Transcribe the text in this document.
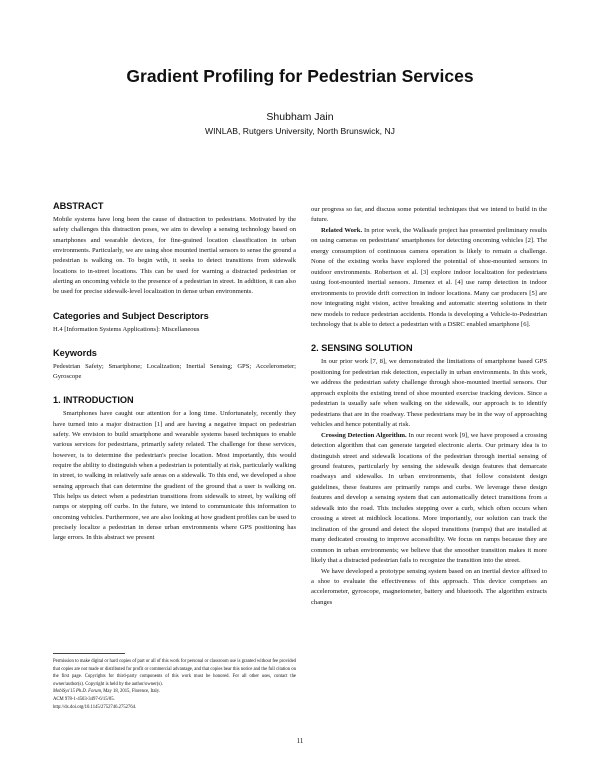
Gradient Profiling for Pedestrian Services
Shubham Jain
WINLAB, Rutgers University, North Brunswick, NJ
ABSTRACT

Mobile systems have long been the cause of distraction to pedestrians. Motivated by the safety challenges this distraction poses, we aim to develop a sensing technology based on smartphones and wearable devices, for fine-grained location classification in urban environments. Particularly, we are using shoe mounted inertial sensors to sense the ground a pedestrian is walking on. To begin with, it seeks to detect transitions from sidewalk locations to in-street locations. This can be used for warning a distracted pedestrian or alerting an oncoming vehicle to the presence of a pedestrian in street. In addition, it can also be used for precise sidewalk-level localization in dense urban environments.

Categories and Subject Descriptors

H.4 [Information Systems Applications]: Miscellaneous

Keywords

Pedestrian Safety; Smartphone; Localization; Inertial Sensing; GPS; Accelerometer; Gyroscope

1. INTRODUCTION

Smartphones have caught our attention for a long time. Unfortunately, recently they have turned into a major distraction [1] and are having a negative impact on pedestrian safety. We envision to build smartphone and wearable systems based techniques to enable various services for pedestrians, primarily safety related. The challenge for these services, however, is to determine the pedestrian's precise location. Most importantly, this would require the ability to distinguish when a pedestrian is potentially at risk, particularly walking in street, to walking in relatively safe areas on a sidewalk. To this end, we developed a shoe sensing approach that can determine the gradient of the ground that a user is walking on. This helps us detect when a pedestrian transitions from sidewalk to street, by walking off ramps or stepping off curbs. In the future, we intend to communicate this information to oncoming vehicles. Furthermore, we are also looking at how gradient profiles can be used to precisely localize a pedestrian in dense urban environments where GPS positioning has large errors. In this abstract we present

Permission to make digital or hard copies of part or all of this work for personal or classroom use is granted without fee provided that copies are not made or distributed for profit or commercial advantage, and that copies bear this notice and the full citation on the first page. Copyrights for third-party components of this work must be honored. For all other uses, contact the owner/author(s). Copyright is held by the author/owner(s).
MobiSys'15 Ph.D. Forum, May 18, 2015, Florence, Italy.
ACM 978-1-4503-3497-6/15/05.
http://dx.doi.org/10.1145/2752746.2752764.

our progress so far, and discuss some potential techniques that we intend to build in the future.

Related Work. In prior work, the Walksafe project has presented preliminary results on using cameras on pedestrians' smartphones for detecting oncoming vehicles [2]. The energy consumption of continuous camera operation is likely to remain a challenge. None of the existing works have explored the potential of shoe-mounted sensors in outdoor environments. Robertson et al. [3] explore indoor localization for pedestrians using foot-mounted inertial sensors. Jimenez et al. [4] use ramp detection in indoor environments to provide drift correction in indoor locations. Many car producers [5] are now integrating night vision, active breaking and automatic steering solutions in their new models to reduce pedestrian accidents. Honda is developing a Vehicle-to-Pedestrian technology that is able to detect a pedestrian with a DSRC enabled smartphone [6].

2. SENSING SOLUTION

In our prior work [7, 8], we demonstrated the limitations of smartphone based GPS positioning for pedestrian risk detection, especially in urban environments. In this work, we address the pedestrian safety challenge through shoe-mounted inertial sensors. Our approach exploits the existing trend of shoe mounted exercise tracking devices. Since a pedestrian is usually safe when walking on the sidewalk, our approach is to identify pedestrians that are in the roadway. These pedestrians may be in the way of approaching vehicles and hence potentially at risk.

Crossing Detection Algorithm. In our recent work [9], we have proposed a crossing detection algorithm that can generate targeted electronic alerts. Our primary idea is to distinguish street and sidewalk locations of the pedestrian through inertial sensing of ground features, particularly by sensing the sidewalk design features that demarcate roadways and sidewalks. In urban environments, that follow consistent design guidelines, these features are primarily ramps and curbs. We leverage these design features and develop a sensing system that can automatically detect transitions from a sidewalk into the road. This includes stepping over a curb, which often occurs when crossing a street at midblock locations. More importantly, our solution can track the inclination of the ground and detect the sloped transitions (ramps) that are installed at many dedicated crossing to improve accessibility. We focus on ramps because they are common in urban environments; we believe that the smoother transition makes it more likely that a distracted pedestrian fails to recognize the transition into the street.

We have developed a prototype sensing system based on an inertial device affixed to a shoe to evaluate the effectiveness of this approach. This device comprises an accelerometer, gyroscope, magnetometer, battery and bluetooth. The algorithm extracts changes

11
